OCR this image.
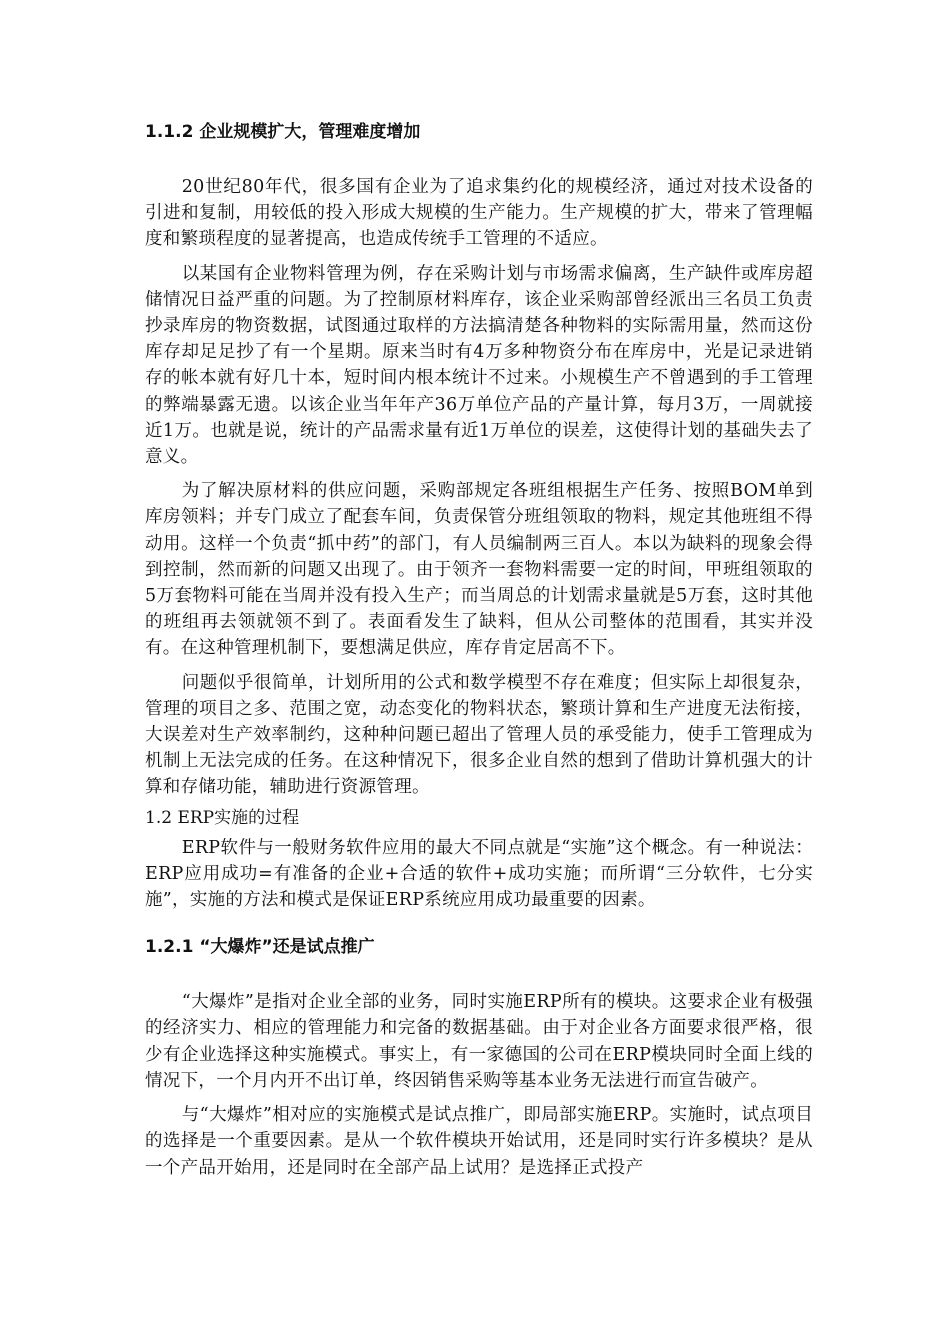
1.1.2 企业规模扩大，管理难度增加

20世纪80年代，很多国有企业为了追求集约化的规模经济，通过对技术设备的引进和复制，用较低的投入形成大规模的生产能力。生产规模的扩大，带来了管理幅度和繁琐程度的显著提高，也造成传统手工管理的不适应。

以某国有企业物料管理为例，存在采购计划与市场需求偏离，生产缺件或库房超储情况日益严重的问题。为了控制原材料库存，该企业采购部曾经派出三名员工负责抄录库房的物资数据，试图通过取样的方法搞清楚各种物料的实际需用量，然而这份库存却足足抄了有一个星期。原来当时有4万多种物资分布在库房中，光是记录进销存的帐本就有好几十本，短时间内根本统计不过来。小规模生产不曾遇到的手工管理的弊端暴露无遗。以该企业当年年产36万单位产品的产量计算，每月3万，一周就接近1万。也就是说，统计的产品需求量有近1万单位的误差，这使得计划的基础失去了意义。

为了解决原材料的供应问题，采购部规定各班组根据生产任务、按照BOM单到库房领料；并专门成立了配套车间，负责保管分班组领取的物料，规定其他班组不得动用。这样一个负责“抓中药”的部门，有人员编制两三百人。本以为缺料的现象会得到控制，然而新的问题又出现了。由于领齐一套物料需要一定的时间，甲班组领取的5万套物料可能在当周并没有投入生产；而当周总的计划需求量就是5万套，这时其他的班组再去领就领不到了。表面看发生了缺料，但从公司整体的范围看，其实并没有。在这种管理机制下，要想满足供应，库存肯定居高不下。

问题似乎很简单，计划所用的公式和数学模型不存在难度；但实际上却很复杂，管理的项目之多、范围之宽，动态变化的物料状态，繁琐计算和生产进度无法衔接，大误差对生产效率制约，这种种问题已超出了管理人员的承受能力，使手工管理成为机制上无法完成的任务。在这种情况下，很多企业自然的想到了借助计算机强大的计算和存储功能，辅助进行资源管理。

1.2 ERP实施的过程

ERP软件与一般财务软件应用的最大不同点就是“实施”这个概念。有一种说法：ERP应用成功=有准备的企业+合适的软件+成功实施；而所谓“三分软件，七分实施”，实施的方法和模式是保证ERP系统应用成功最重要的因素。

1.2.1 “大爆炸”还是试点推广

“大爆炸”是指对企业全部的业务，同时实施ERP所有的模块。这要求企业有极强的经济实力、相应的管理能力和完备的数据基础。由于对企业各方面要求很严格，很少有企业选择这种实施模式。事实上，有一家德国的公司在ERP模块同时全面上线的情况下，一个月内开不出订单，终因销售采购等基本业务无法进行而宣告破产。

与“大爆炸”相对应的实施模式是试点推广，即局部实施ERP。实施时，试点项目的选择是一个重要因素。是从一个软件模块开始试用，还是同时实行许多模块？是从一个产品开始用，还是同时在全部产品上试用？是选择正式投产
